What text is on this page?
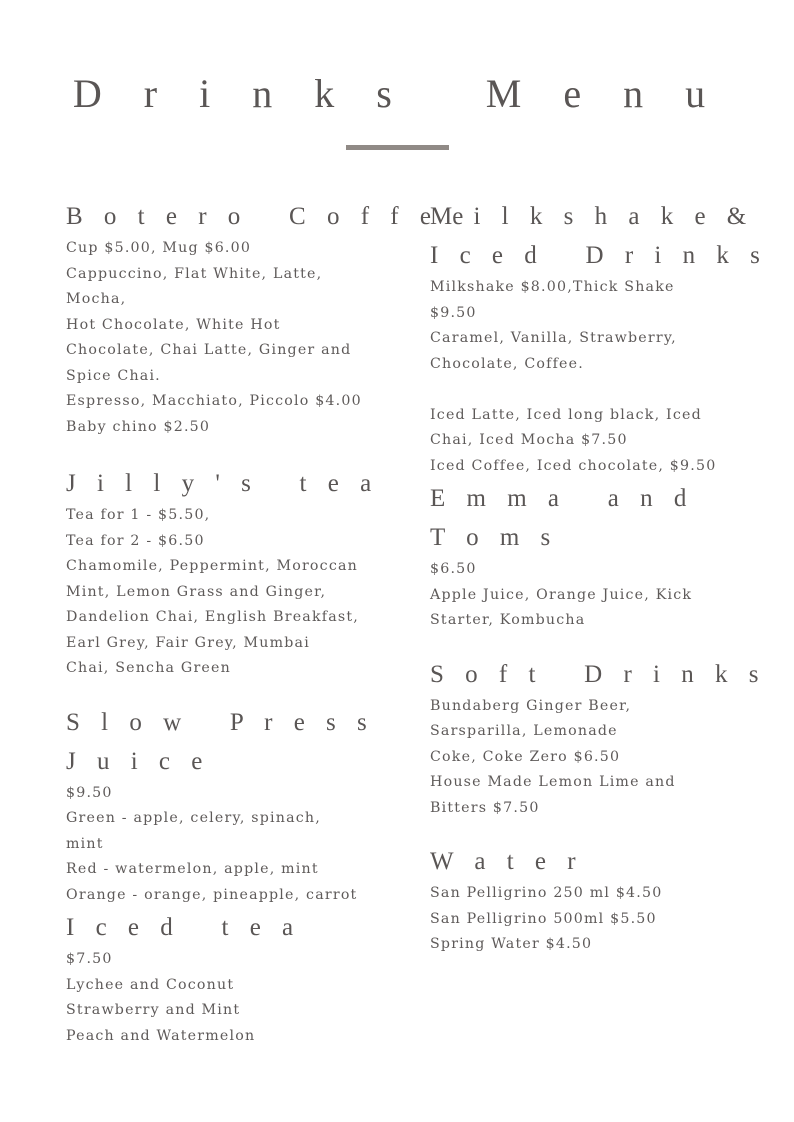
D r i n k s   M e n u
B o t e r o   C o f f e e
Cup $5.00, Mug $6.00
Cappuccino, Flat White, Latte,
Mocha,
Hot Chocolate, White Hot
Chocolate, Chai Latte, Ginger and
Spice Chai.
Espresso, Macchiato, Piccolo $4.00
Baby chino $2.50
J i l l y ' s   t e a
Tea for 1 - $5.50,
Tea for 2 - $6.50
Chamomile, Peppermint, Moroccan
Mint, Lemon Grass and Ginger,
Dandelion Chai, English Breakfast,
Earl Grey, Fair Grey, Mumbai
Chai, Sencha Green
S l o w   P r e s s
J u i c e
$9.50
Green - apple, celery, spinach,
mint
Red - watermelon, apple, mint
Orange - orange, pineapple, carrot
I c e d   t e a
$7.50
Lychee and Coconut
Strawberry and Mint
Peach and Watermelon
M i l k s h a k e &
I c e d   D r i n k s
Milkshake $8.00,Thick Shake
$9.50
Caramel, Vanilla, Strawberry,
Chocolate, Coffee.

Iced Latte, Iced long black, Iced
Chai, Iced Mocha $7.50
Iced Coffee, Iced chocolate, $9.50
E m m a   a n d
T o m s
$6.50
Apple Juice, Orange Juice, Kick
Starter, Kombucha
S o f t   D r i n k s
Bundaberg Ginger Beer,
Sarsparilla, Lemonade
Coke, Coke Zero $6.50
House Made Lemon Lime and
Bitters $7.50
W a t e r
San Pelligrino 250 ml $4.50
San Pelligrino 500ml $5.50
Spring Water $4.50
